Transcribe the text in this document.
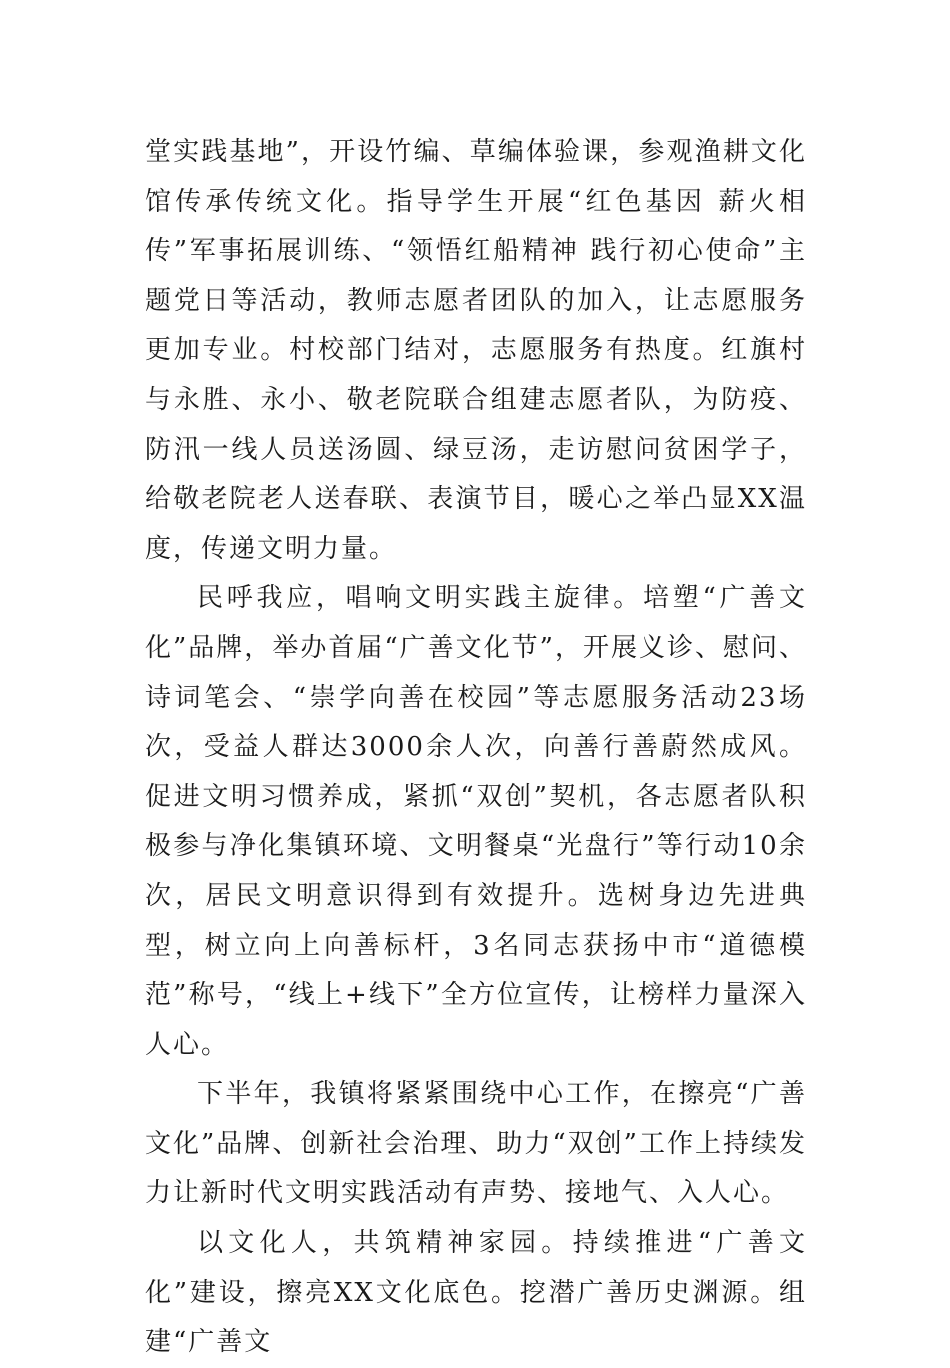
堂实践基地”，开设竹编、草编体验课，参观渔耕文化馆传承传统文化。指导学生开展“红色基因 薪火相传”军事拓展训练、“领悟红船精神 践行初心使命”主题党日等活动，教师志愿者团队的加入，让志愿服务更加专业。村校部门结对，志愿服务有热度。红旗村与永胜、永小、敬老院联合组建志愿者队，为防疫、防汛一线人员送汤圆、绿豆汤，走访慰问贫困学子，给敬老院老人送春联、表演节目，暖心之举凸显XX温度，传递文明力量。

民呼我应，唱响文明实践主旋律。培塑“广善文化”品牌，举办首届“广善文化节”，开展义诊、慰问、诗词笔会、“崇学向善在校园”等志愿服务活动23场次，受益人群达3000余人次，向善行善蔚然成风。促进文明习惯养成，紧抓“双创”契机，各志愿者队积极参与净化集镇环境、文明餐桌“光盘行”等行动10余次，居民文明意识得到有效提升。选树身边先进典型，树立向上向善标杆，3名同志获扬中市“道德模范”称号，“线上+线下”全方位宣传，让榜样力量深入人心。

下半年，我镇将紧紧围绕中心工作，在擦亮“广善文化”品牌、创新社会治理、助力“双创”工作上持续发力让新时代文明实践活动有声势、接地气、入人心。

以文化人，共筑精神家园。持续推进“广善文化”建设，擦亮XX文化底色。挖潜广善历史渊源。组建“广善文
